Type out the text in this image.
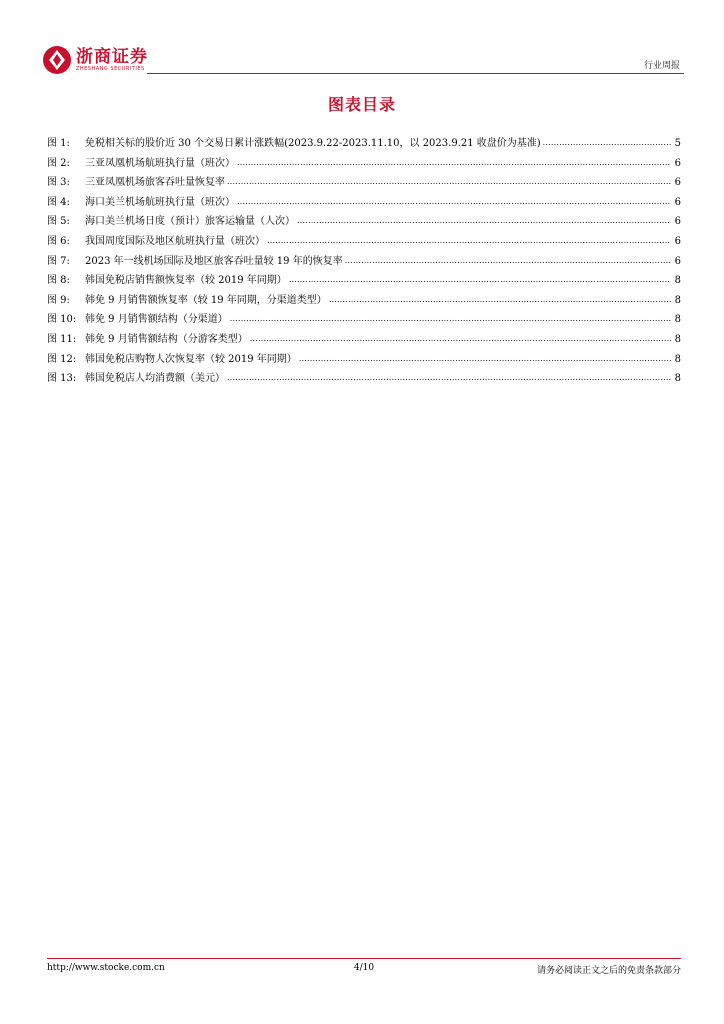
浙商证券
ZHESHANG SECURITIES	行业周报
图表目录
图 1:	免税相关标的股价近 30 个交易日累计涨跌幅(2023.9.22-2023.11.10，以 2023.9.21 收盘价为基准) .....	5
图 2:	三亚凤凰机场航班执行量（班次） .....	6
图 3:	三亚凤凰机场旅客吞吐量恢复率 .....	6
图 4:	海口美兰机场航班执行量（班次） .....	6
图 5:	海口美兰机场日度（预计）旅客运输量（人次） .....	6
图 6:	我国周度国际及地区航班执行量（班次） .....	6
图 7:	2023 年一线机场国际及地区旅客吞吐量较 19 年的恢复率 .....	6
图 8:	韩国免税店销售额恢复率（较 2019 年同期） .....	8
图 9:	韩免 9 月销售额恢复率（较 19 年同期，分渠道类型） .....	8
图 10: 韩免 9 月销售额结构（分渠道） .....	8
图 11: 韩免 9 月销售额结构（分游客类型） .....	8
图 12: 韩国免税店购物人次恢复率（较 2019 年同期） .....	8
图 13: 韩国免税店人均消费额（美元） .....	8
http://www.stocke.com.cn	4/10	请务必阅读正文之后的免责条款部分
